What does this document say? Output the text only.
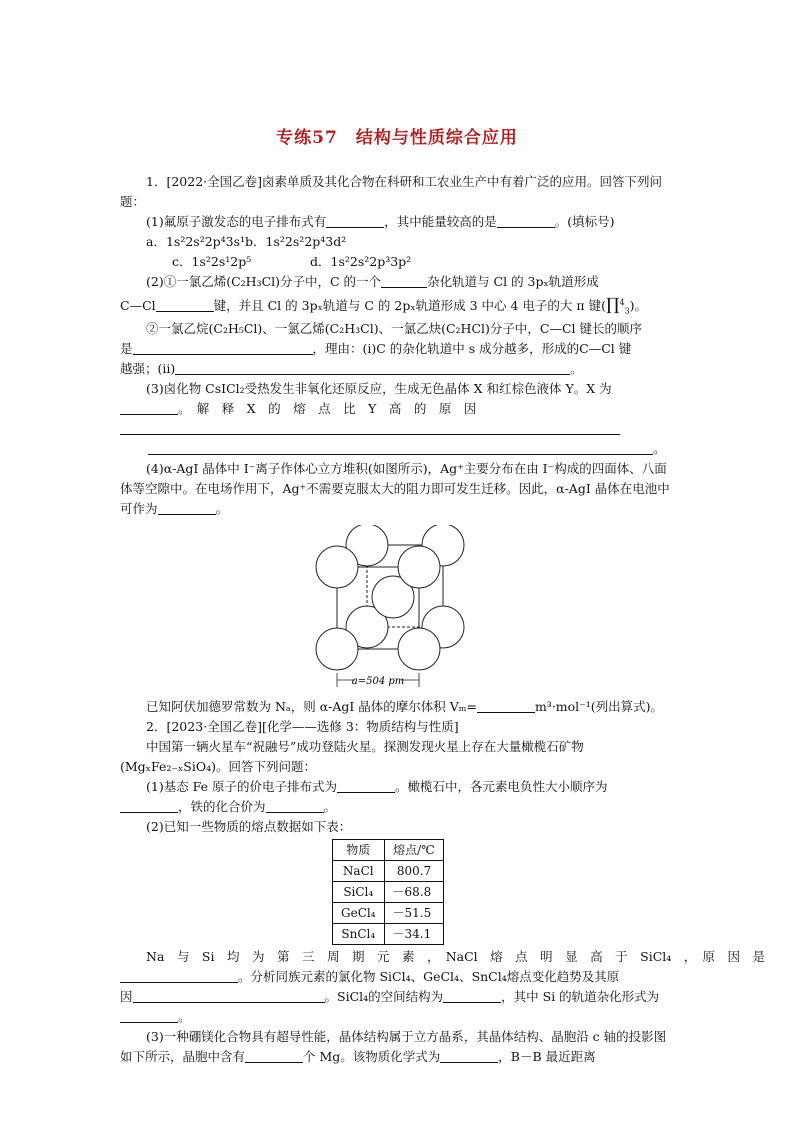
专练57　结构与性质综合应用

1．[2022·全国乙卷]卤素单质及其化合物在科研和工农业生产中有着广泛的应用。回答下列问题：

(1)氟原子激发态的电子排布式有	，其中能量较高的是	。(填标号)

a．1s²2s²2p⁴3s¹b．1s²2s²2p⁴3d²

c．1s²2s¹2p⁵	d．1s²2s²2p³3p²

(2)①一氯乙烯(C₂H₃Cl)分子中，C 的一个	杂化轨道与 Cl 的 3pₓ轨道形成

C—Cl	键，并且 Cl 的 3pₓ轨道与 C 的 2pₓ轨道形成 3 中心 4 电子的大 π 键(∏$^4_3$)。

②一氯乙烷(C₂H₅Cl)、一氯乙烯(C₂H₃Cl)、一氯乙炔(C₂HCl)分子中，C—Cl 键长的顺序

是	，理由：(ⅰ)C 的杂化轨道中 s 成分越多，形成的C—Cl 键

越强；(ⅱ)	。

(3)卤化物 CsICl₂受热发生非氧化还原反应，生成无色晶体 X 和红棕色液体 Y。X 为

。　解　释　X　的　熔　点　比　Y　高　的　原　因

。

(4)α-AgI 晶体中 I⁻离子作体心立方堆积(如图所示)，Ag⁺主要分布在由 I⁻构成的四面体、八面体等空隙中。在电场作用下，Ag⁺不需要克服太大的阻力即可发生迁移。因此，α-AgI 晶体在电池中可作为	。

a=504 pm

已知阿伏加德罗常数为 Nₐ，则 α-AgI 晶体的摩尔体积 Vₘ=	m³·mol⁻¹(列出算式)。

2．[2023·全国乙卷][化学——选修 3：物质结构与性质]

中国第一辆火星车“祝融号”成功登陆火星。探测发现火星上存在大量橄榄石矿物(MgₓFe₂₋ₓSiO₄)。回答下列问题：

(1)基态 Fe 原子的价电子排布式为	。橄榄石中，各元素电负性大小顺序为

，铁的化合价为	。

(2)已知一些物质的熔点数据如下表：

物质	熔点/℃
NaCl	800.7
SiCl₄	－68.8
GeCl₄	－51.5
SnCl₄	－34.1

Na　与　Si　均　为　第　三　周　期　元　素　，　NaCl　熔　点　明　显　高　于　SiCl₄　，　原　因　是

。分析同族元素的氯化物 SiCl₄、GeCl₄、SnCl₄熔点变化趋势及其原

因	。SiCl₄的空间结构为	，其中 Si 的轨道杂化形式为

。

(3)一种硼镁化合物具有超导性能，晶体结构属于立方晶系，其晶体结构、晶胞沿 c 轴的投影图如下所示，晶胞中含有	个 Mg。该物质化学式为	，B－B 最近距离
